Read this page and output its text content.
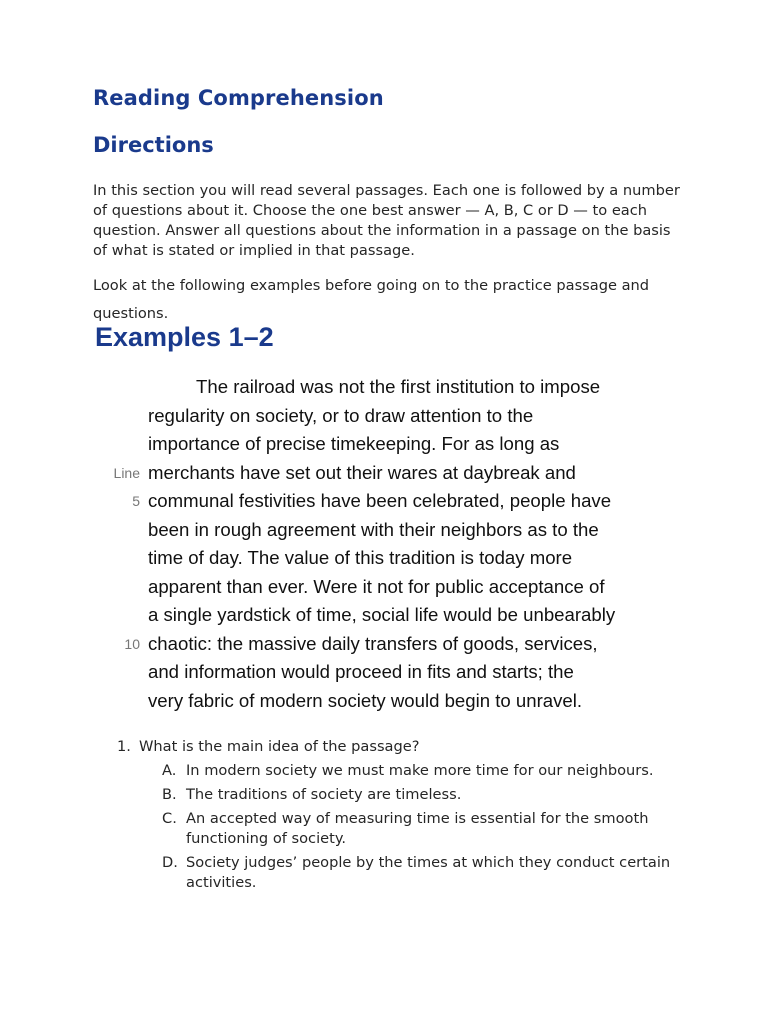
Reading Comprehension
Directions

In this section you will read several passages. Each one is followed by a number of questions about it. Choose the one best answer — A, B, C or D — to each question. Answer all questions about the information in a passage on the basis of what is stated or implied in that passage.

Look at the following examples before going on to the practice passage and questions.

Examples 1–2
The railroad was not the first institution to impose
regularity on society, or to draw attention to the
importance of precise timekeeping. For as long as
Line merchants have set out their wares at daybreak and
5 communal festivities have been celebrated, people have
been in rough agreement with their neighbors as to the
time of day. The value of this tradition is today more
apparent than ever. Were it not for public acceptance of
a single yardstick of time, social life would be unbearably
10 chaotic: the massive daily transfers of goods, services,
and information would proceed in fits and starts; the
very fabric of modern society would begin to unravel.
1. What is the main idea of the passage?
A. In modern society we must make more time for our neighbours.
B. The traditions of society are timeless.
C. An accepted way of measuring time is essential for the smooth functioning of society.
D. Society judges’ people by the times at which they conduct certain activities.
